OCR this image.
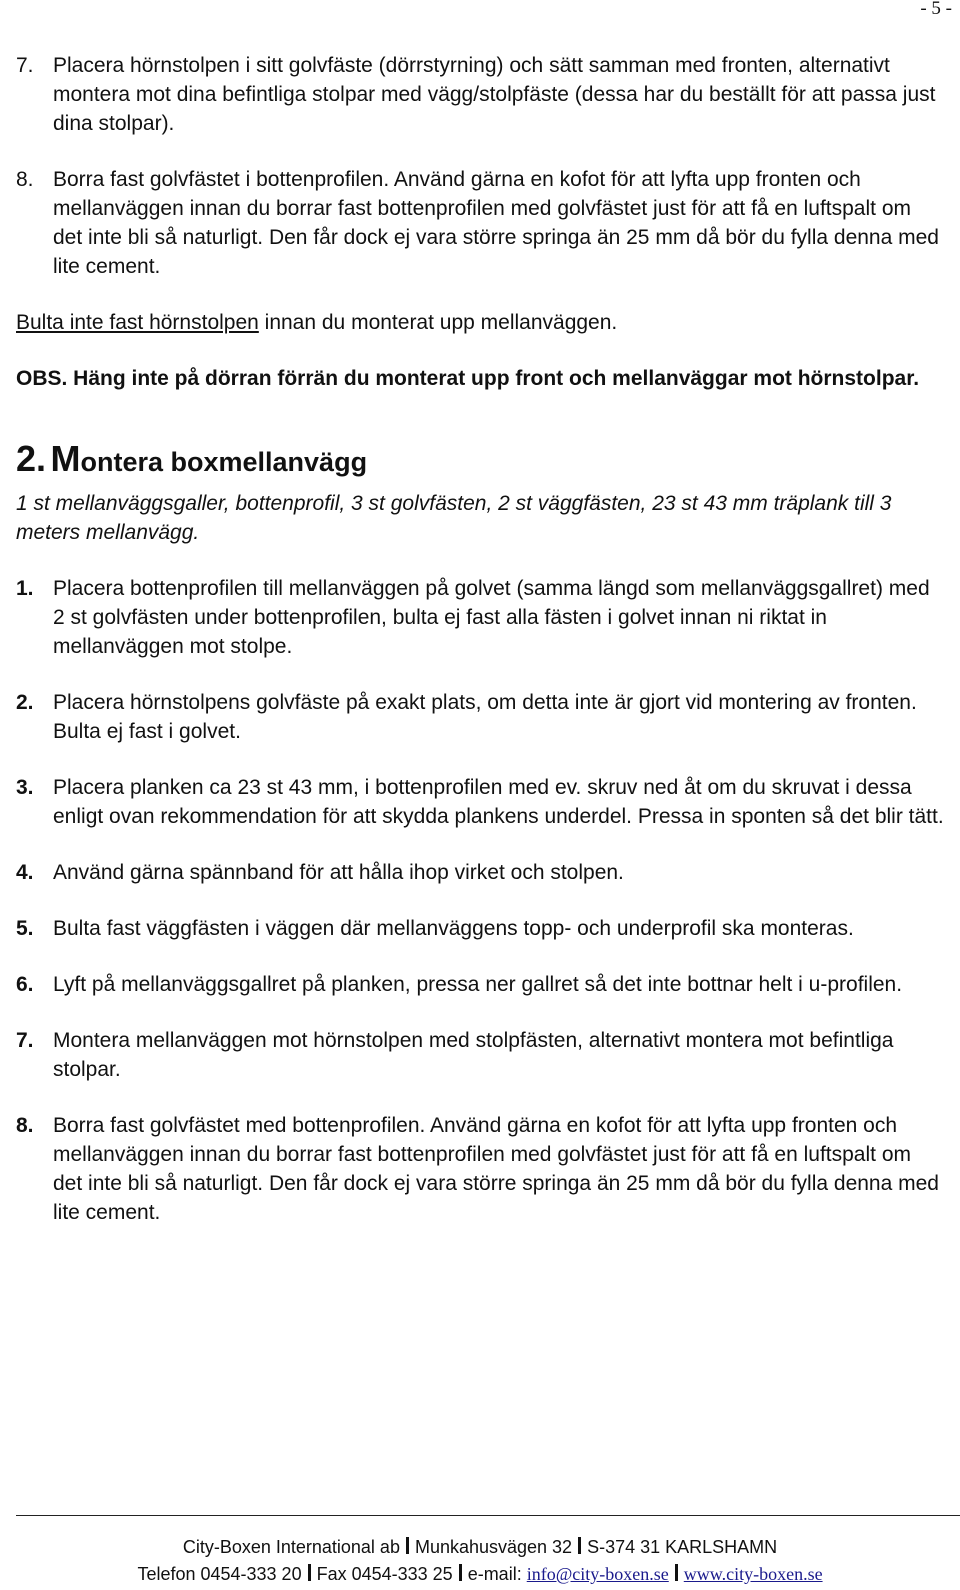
- 5 -
7. Placera hörnstolpen i sitt golvfäste (dörrstyrning) och sätt samman med fronten, alternativt montera mot dina befintliga stolpar med vägg/stolpfäste (dessa har du beställt för att passa just dina stolpar).
8. Borra fast golvfästet i bottenprofilen. Använd gärna en kofot för att lyfta upp fronten och mellanväggen innan du borrar fast bottenprofilen med golvfästet just för att få en luftspalt om det inte bli så naturligt. Den får dock ej vara större springa än 25 mm då bör du fylla denna med lite cement.

Bulta inte fast hörnstolpen innan du monterat upp mellanväggen.

OBS. Häng inte på dörran förrän du monterat upp front och mellanväggar mot hörnstolpar.

2. Montera boxmellanvägg

1 st mellanväggsgaller, bottenprofil, 3 st golvfästen, 2 st väggfästen, 23 st 43 mm träplank till 3 meters mellanvägg.

1. Placera bottenprofilen till mellanväggen på golvet (samma längd som mellanväggsgallret) med 2 st golvfästen under bottenprofilen, bulta ej fast alla fästen i golvet innan ni riktat in mellanväggen mot stolpe.
2. Placera hörnstolpens golvfäste på exakt plats, om detta inte är gjort vid montering av fronten. Bulta ej fast i golvet.
3. Placera planken ca 23 st 43 mm, i bottenprofilen med ev. skruv ned åt om du skruvat i dessa enligt ovan rekommendation för att skydda plankens underdel. Pressa in sponten så det blir tätt.
4. Använd gärna spännband för att hålla ihop virket och stolpen.
5. Bulta fast väggfästen i väggen där mellanväggens topp- och underprofil ska monteras.
6. Lyft på mellanväggsgallret på planken, pressa ner gallret så det inte bottnar helt i u-profilen.
7. Montera mellanväggen mot hörnstolpen med stolpfästen, alternativt montera mot befintliga stolpar.
8. Borra fast golvfästet med bottenprofilen. Använd gärna en kofot för att lyfta upp fronten och mellanväggen innan du borrar fast bottenprofilen med golvfästet just för att få en luftspalt om det inte bli så naturligt. Den får dock ej vara större springa än 25 mm då bör du fylla denna med lite cement.
City-Boxen International ab Munkahusvägen 32 S-374 31 KARLSHAMN
Telefon 0454-333 20 Fax 0454-333 25 e-mail: info@city-boxen.se www.city-boxen.se
